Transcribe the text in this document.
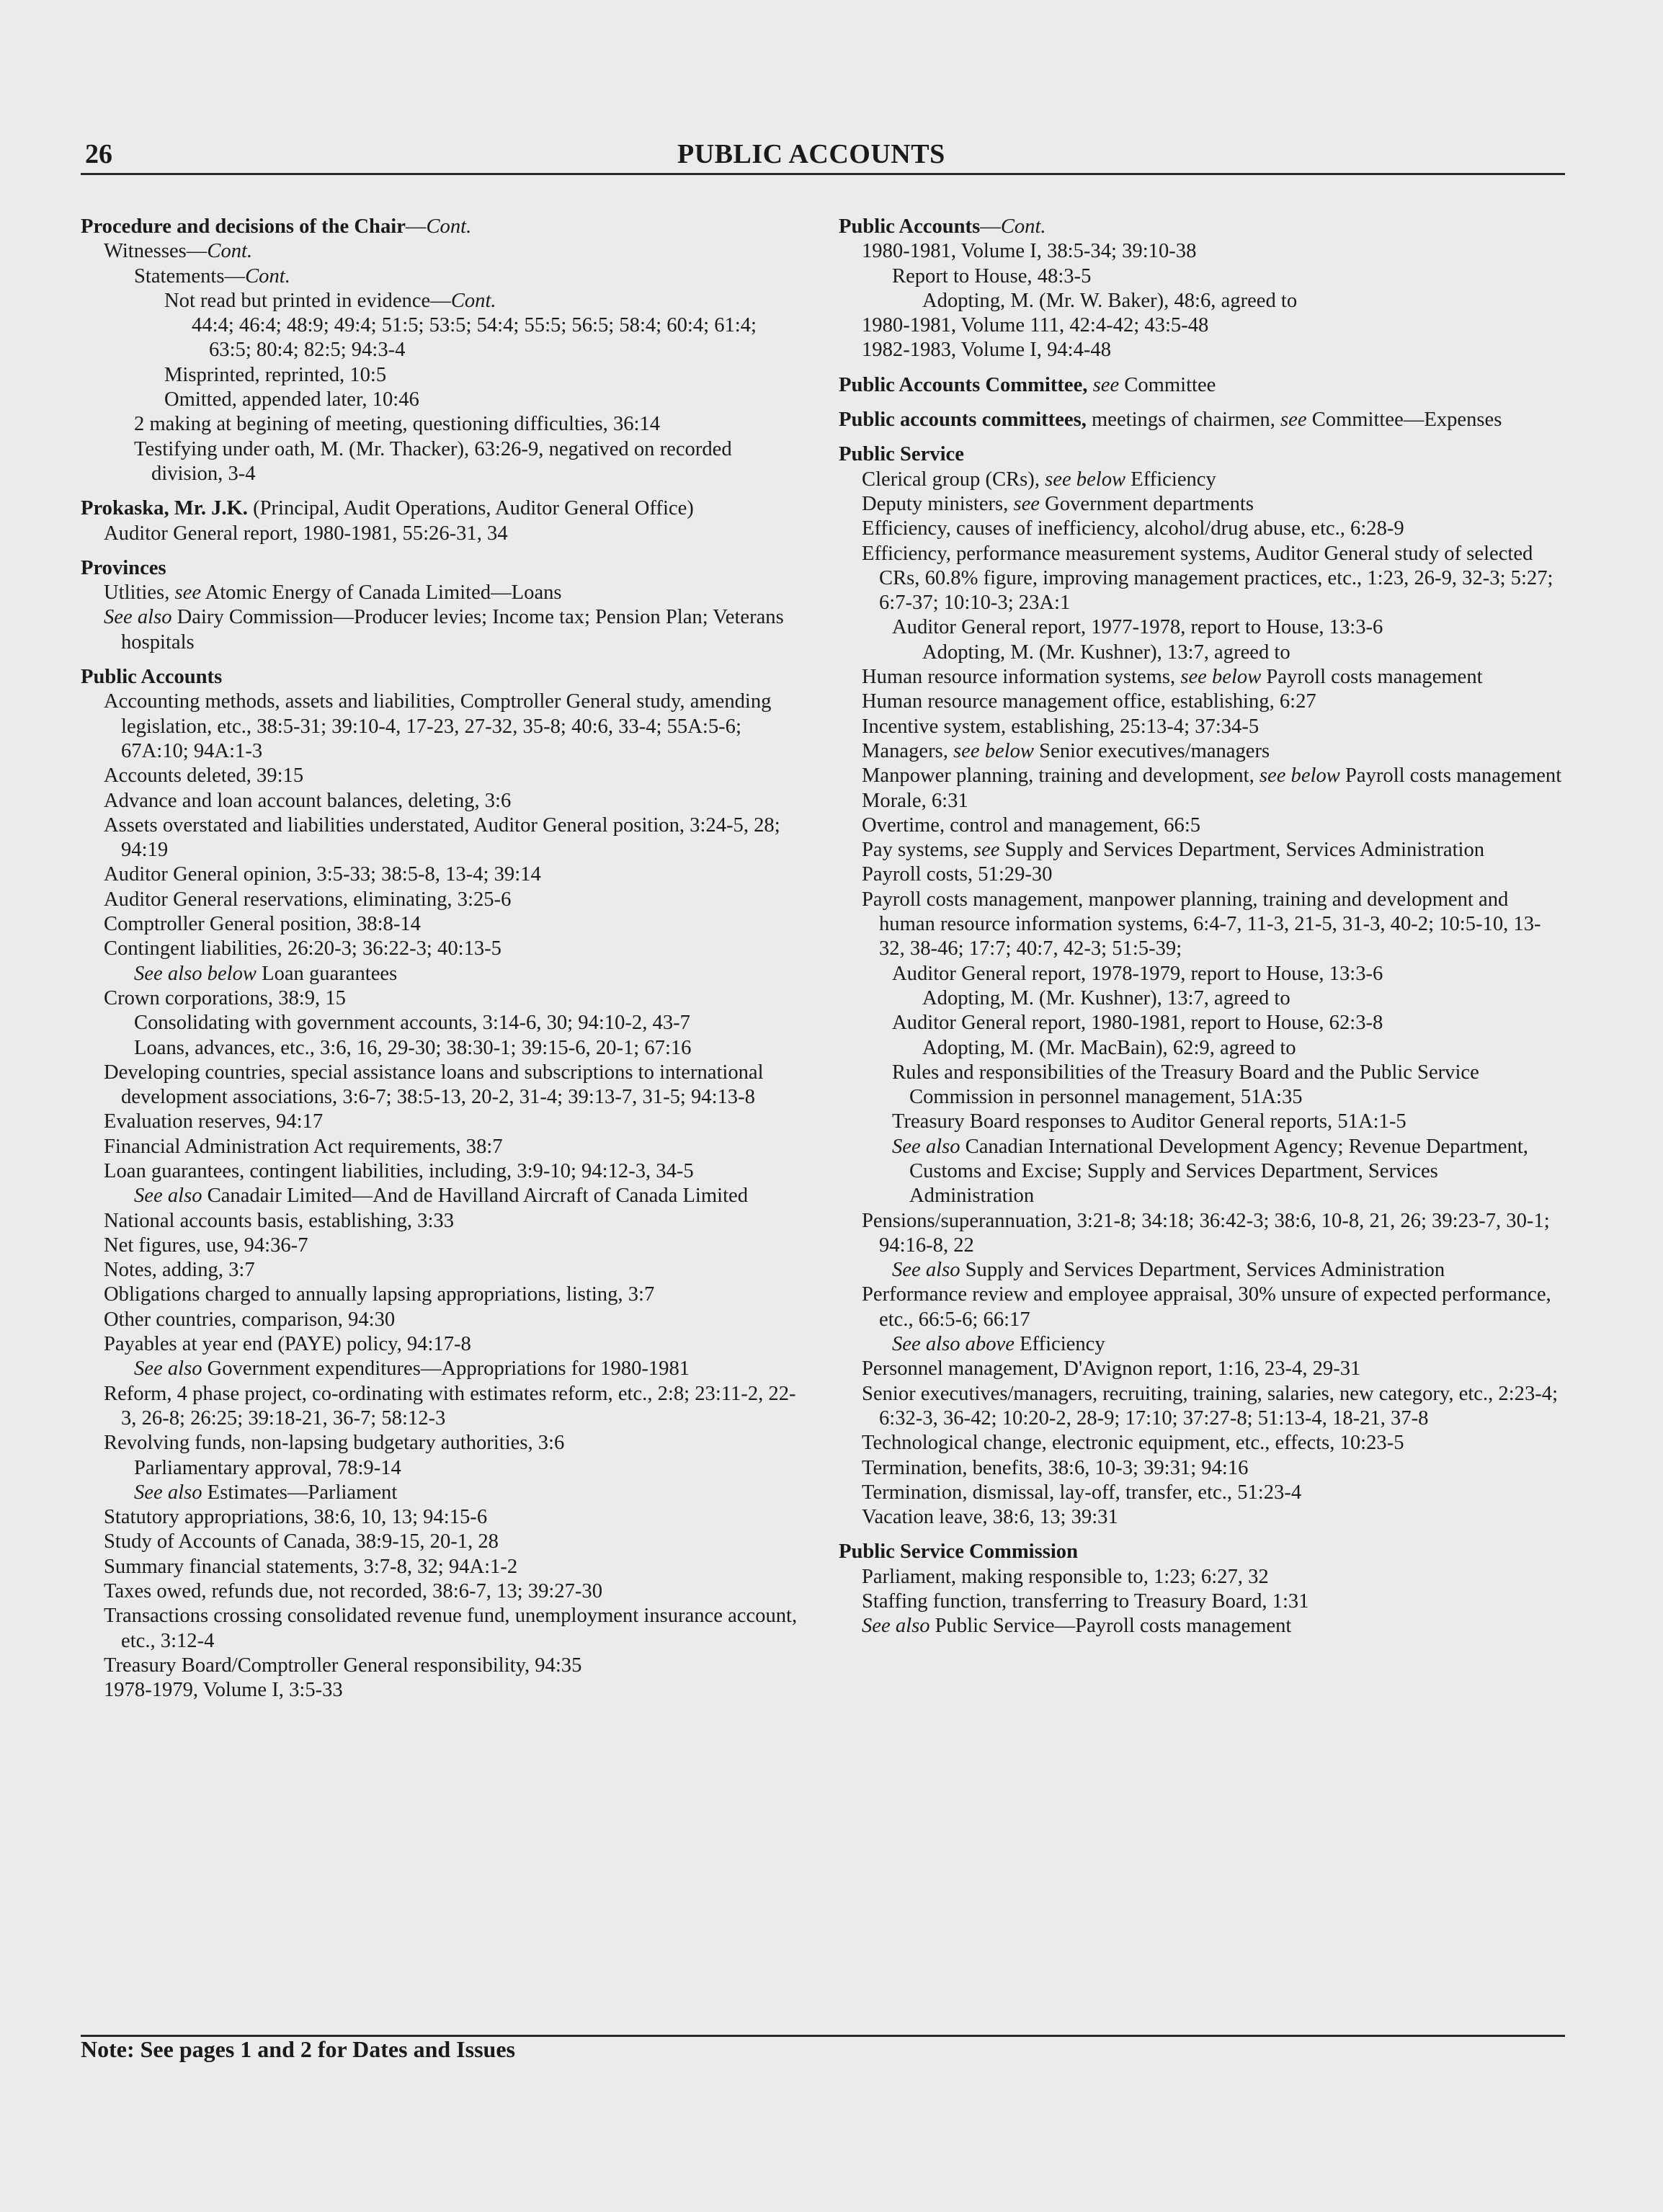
26	PUBLIC ACCOUNTS

Procedure and decisions of the Chair—Cont.

Witnesses—Cont.

Statements—Cont.

Not read but printed in evidence—Cont.

44:4; 46:4; 48:9; 49:4; 51:5; 53:5; 54:4; 55:5; 56:5; 58:4; 60:4; 61:4; 63:5; 80:4; 82:5; 94:3-4

Misprinted, reprinted, 10:5

Omitted, appended later, 10:46

2 making at begining of meeting, questioning difficulties, 36:14

Testifying under oath, M. (Mr. Thacker), 63:26-9, negatived on recorded division, 3-4

Prokaska, Mr. J.K. (Principal, Audit Operations, Auditor General Office)

Auditor General report, 1980-1981, 55:26-31, 34

Provinces

Utlities, see Atomic Energy of Canada Limited—Loans

See also Dairy Commission—Producer levies; Income tax; Pension Plan; Veterans hospitals

Public Accounts

Accounting methods, assets and liabilities, Comptroller General study, amending legislation, etc., 38:5-31; 39:10-4, 17-23, 27-32, 35-8; 40:6, 33-4; 55A:5-6; 67A:10; 94A:1-3

Accounts deleted, 39:15

Advance and loan account balances, deleting, 3:6

Assets overstated and liabilities understated, Auditor General position, 3:24-5, 28; 94:19

Auditor General opinion, 3:5-33; 38:5-8, 13-4; 39:14

Auditor General reservations, eliminating, 3:25-6

Comptroller General position, 38:8-14

Contingent liabilities, 26:20-3; 36:22-3; 40:13-5

See also below Loan guarantees

Crown corporations, 38:9, 15

Consolidating with government accounts, 3:14-6, 30; 94:10-2, 43-7

Loans, advances, etc., 3:6, 16, 29-30; 38:30-1; 39:15-6, 20-1; 67:16

Developing countries, special assistance loans and subscriptions to international development associations, 3:6-7; 38:5-13, 20-2, 31-4; 39:13-7, 31-5; 94:13-8

Evaluation reserves, 94:17

Financial Administration Act requirements, 38:7

Loan guarantees, contingent liabilities, including, 3:9-10; 94:12-3, 34-5

See also Canadair Limited—And de Havilland Aircraft of Canada Limited

National accounts basis, establishing, 3:33

Net figures, use, 94:36-7

Notes, adding, 3:7

Obligations charged to annually lapsing appropriations, listing, 3:7

Other countries, comparison, 94:30

Payables at year end (PAYE) policy, 94:17-8

See also Government expenditures—Appropriations for 1980-1981

Reform, 4 phase project, co-ordinating with estimates reform, etc., 2:8; 23:11-2, 22-3, 26-8; 26:25; 39:18-21, 36-7; 58:12-3

Revolving funds, non-lapsing budgetary authorities, 3:6

Parliamentary approval, 78:9-14

See also Estimates—Parliament

Statutory appropriations, 38:6, 10, 13; 94:15-6

Study of Accounts of Canada, 38:9-15, 20-1, 28

Summary financial statements, 3:7-8, 32; 94A:1-2

Taxes owed, refunds due, not recorded, 38:6-7, 13; 39:27-30

Transactions crossing consolidated revenue fund, unemployment insurance account, etc., 3:12-4

Treasury Board/Comptroller General responsibility, 94:35

1978-1979, Volume I, 3:5-33

Public Accounts—Cont.

1980-1981, Volume I, 38:5-34; 39:10-38

Report to House, 48:3-5

Adopting, M. (Mr. W. Baker), 48:6, agreed to

1980-1981, Volume 111, 42:4-42; 43:5-48

1982-1983, Volume I, 94:4-48

Public Accounts Committee, see Committee

Public accounts committees, meetings of chairmen, see Committee—Expenses

Public Service

Clerical group (CRs), see below Efficiency

Deputy ministers, see Government departments

Efficiency, causes of inefficiency, alcohol/drug abuse, etc., 6:28-9

Efficiency, performance measurement systems, Auditor General study of selected CRs, 60.8% figure, improving management practices, etc., 1:23, 26-9, 32-3; 5:27; 6:7-37; 10:10-3; 23A:1

Auditor General report, 1977-1978, report to House, 13:3-6

Adopting, M. (Mr. Kushner), 13:7, agreed to

Human resource information systems, see below Payroll costs management

Human resource management office, establishing, 6:27

Incentive system, establishing, 25:13-4; 37:34-5

Managers, see below Senior executives/managers

Manpower planning, training and development, see below Payroll costs management

Morale, 6:31

Overtime, control and management, 66:5

Pay systems, see Supply and Services Department, Services Administration

Payroll costs, 51:29-30

Payroll costs management, manpower planning, training and development and human resource information systems, 6:4-7, 11-3, 21-5, 31-3, 40-2; 10:5-10, 13-32, 38-46; 17:7; 40:7, 42-3; 51:5-39;

Auditor General report, 1978-1979, report to House, 13:3-6

Adopting, M. (Mr. Kushner), 13:7, agreed to

Auditor General report, 1980-1981, report to House, 62:3-8

Adopting, M. (Mr. MacBain), 62:9, agreed to

Rules and responsibilities of the Treasury Board and the Public Service Commission in personnel management, 51A:35

Treasury Board responses to Auditor General reports, 51A:1-5

See also Canadian International Development Agency; Revenue Department, Customs and Excise; Supply and Services Department, Services Administration

Pensions/superannuation, 3:21-8; 34:18; 36:42-3; 38:6, 10-8, 21, 26; 39:23-7, 30-1; 94:16-8, 22

See also Supply and Services Department, Services Administration

Performance review and employee appraisal, 30% unsure of expected performance, etc., 66:5-6; 66:17

See also above Efficiency

Personnel management, D'Avignon report, 1:16, 23-4, 29-31

Senior executives/managers, recruiting, training, salaries, new category, etc., 2:23-4; 6:32-3, 36-42; 10:20-2, 28-9; 17:10; 37:27-8; 51:13-4, 18-21, 37-8

Technological change, electronic equipment, etc., effects, 10:23-5

Termination, benefits, 38:6, 10-3; 39:31; 94:16

Termination, dismissal, lay-off, transfer, etc., 51:23-4

Vacation leave, 38:6, 13; 39:31

Public Service Commission

Parliament, making responsible to, 1:23; 6:27, 32

Staffing function, transferring to Treasury Board, 1:31

See also Public Service—Payroll costs management

Note: See pages 1 and 2 for Dates and Issues
